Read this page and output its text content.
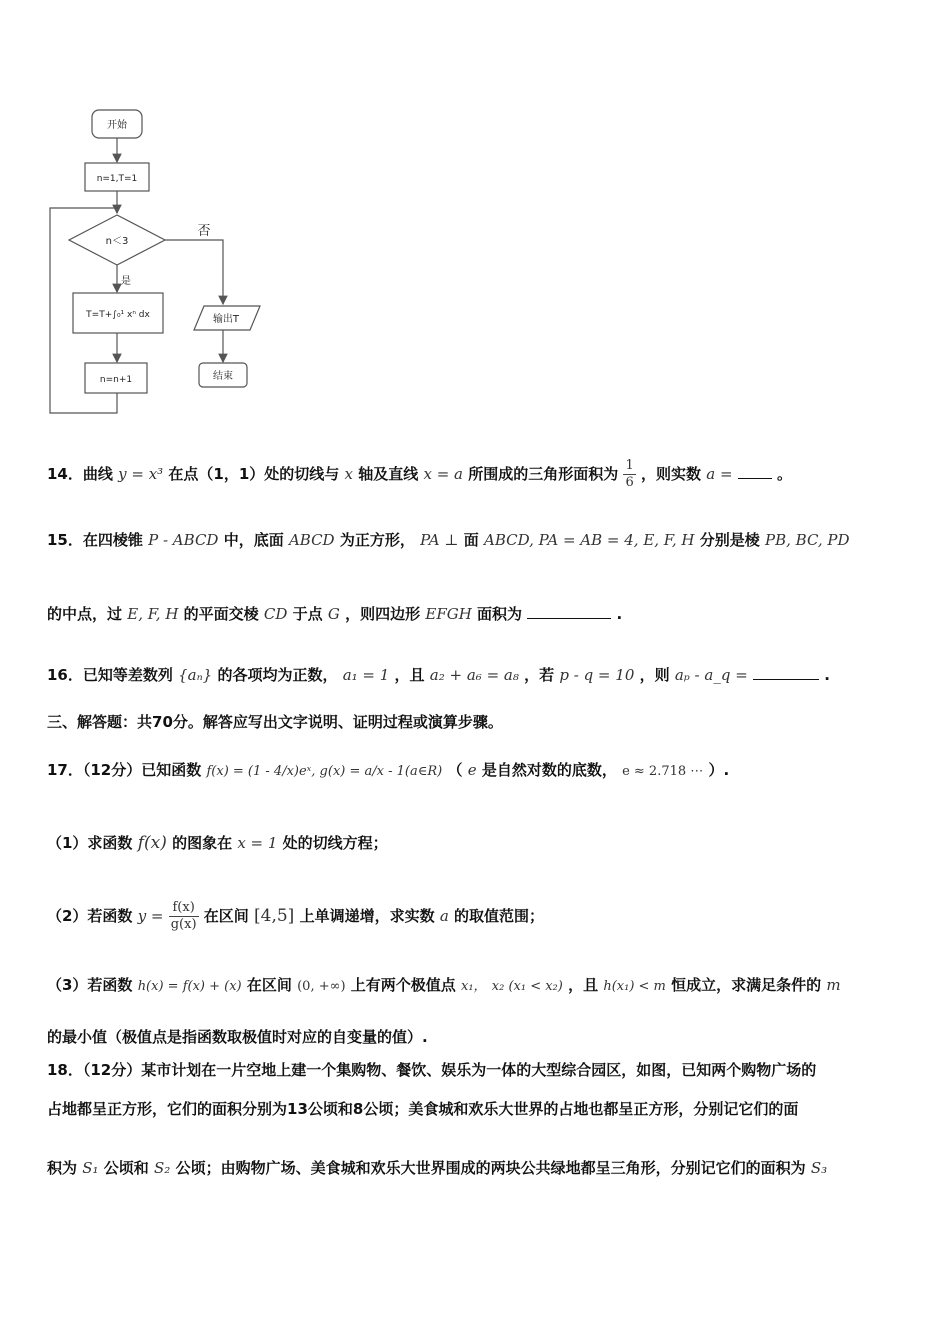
开始
n=1,T=1
n＜3
否
是
T=T+∫₀¹ xⁿ dx
n=n+1
输出T
结束
14．曲线 y = x³ 在点（1，1）处的切线与 x 轴及直线 x = a 所围成的三角形面积为 $\frac{1}{6}$ ，则实数 a =	。
15．在四棱锥 P - ABCD 中，底面 ABCD 为正方形， PA ⊥ 面 ABCD, PA = AB = 4, E, F, H 分别是棱 PB, BC, PD
的中点，过 E, F, H 的平面交棱 CD 于点 G ，则四边形 EFGH 面积为	.
16．已知等差数列 {aₙ} 的各项均为正数， a₁ = 1 ，且 a₂ + a₆ = a₈ ，若 p - q = 10 ，则 aₚ - a_q =	.
三、解答题：共70分。解答应写出文字说明、证明过程或演算步骤。
17．（12分）已知函数 f(x) = (1 - 4/x)eˣ, g(x) = a/x - 1(a∈R) （ e 是自然对数的底数， e ≈ 2.718 ⋯ ）.
（1）求函数 f(x) 的图象在 x = 1 处的切线方程；
（2）若函数 $y = \frac{f(x)}{g(x)}$ 在区间 [4,5] 上单调递增，求实数 a 的取值范围；
（3）若函数 h(x) = f(x) + (x) 在区间 (0, +∞) 上有两个极值点 x₁， x₂ (x₁ < x₂) ，且 h(x₁) < m 恒成立，求满足条件的 m
的最小值（极值点是指函数取极值时对应的自变量的值）.
18．（12分）某市计划在一片空地上建一个集购物、餐饮、娱乐为一体的大型综合园区，如图，已知两个购物广场的
占地都呈正方形，它们的面积分别为13公顷和8公顷；美食城和欢乐大世界的占地也都呈正方形，分别记它们的面
积为 S₁ 公顷和 S₂ 公顷；由购物广场、美食城和欢乐大世界围成的两块公共绿地都呈三角形，分别记它们的面积为 S₃
